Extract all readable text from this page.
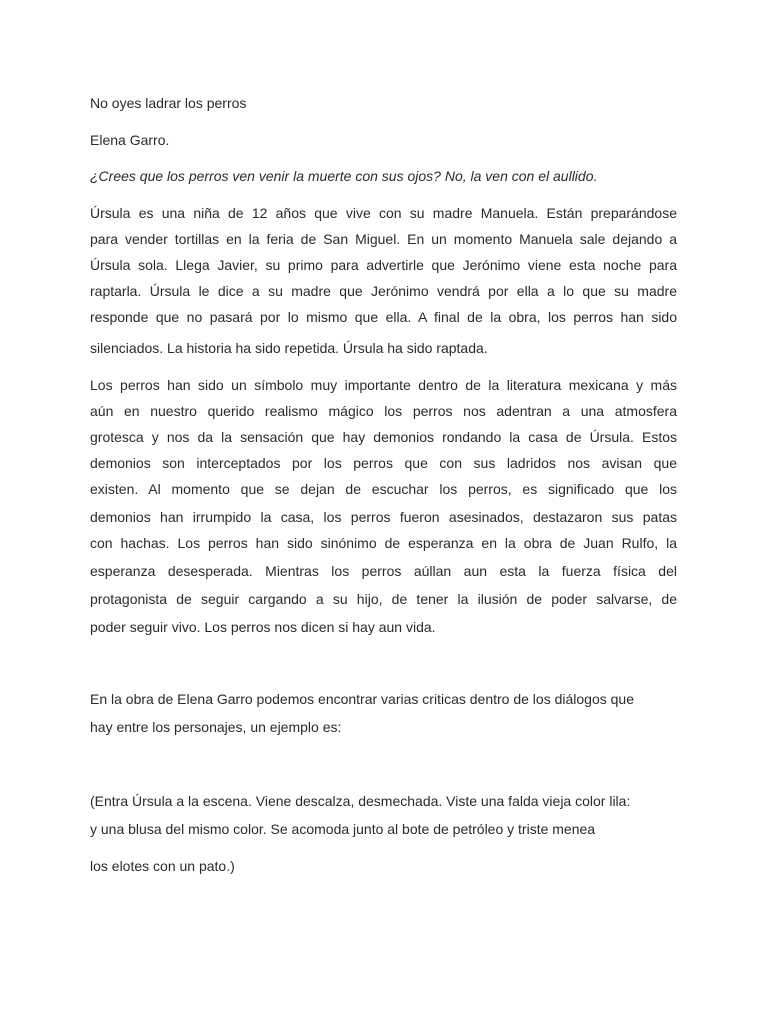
No oyes ladrar los perros
Elena Garro.
¿Crees que los perros ven venir la muerte con sus ojos? No, la ven con el aullido.
Úrsula es una niña de 12 años que vive con su madre Manuela. Están preparándose
para vender tortillas en la feria de San Miguel. En un momento Manuela sale dejando a
Úrsula sola. Llega Javier, su primo para advertirle que Jerónimo viene esta noche para
raptarla. Úrsula le dice a su madre que Jerónimo vendrá por ella a lo que su madre
responde que no pasará por lo mismo que ella. A final de la obra, los perros han sido
silenciados. La historia ha sido repetida. Úrsula ha sido raptada.
Los perros han sido un símbolo muy importante dentro de la literatura mexicana y más
aún en nuestro querido realismo mágico los perros nos adentran a una atmosfera
grotesca y nos da la sensación que hay demonios rondando la casa de Úrsula. Estos
demonios son interceptados por los perros que con sus ladridos nos avisan que
existen. Al momento que se dejan de escuchar los perros, es significado que los
demonios han irrumpido la casa, los perros fueron asesinados, destazaron sus patas
con hachas. Los perros han sido sinónimo de esperanza en la obra de Juan Rulfo, la
esperanza desesperada. Mientras los perros aúllan aun esta la fuerza física del
protagonista de seguir cargando a su hijo, de tener la ilusión de poder salvarse, de
poder seguir vivo. Los perros nos dicen si hay aun vida.
En la obra de Elena Garro podemos encontrar varias criticas dentro de los diálogos que
hay entre los personajes, un ejemplo es:
(Entra Úrsula a la escena. Viene descalza, desmechada. Viste una falda vieja color lila:
y una blusa del mismo color. Se acomoda junto al bote de petróleo y triste menea
los elotes con un pato.)
